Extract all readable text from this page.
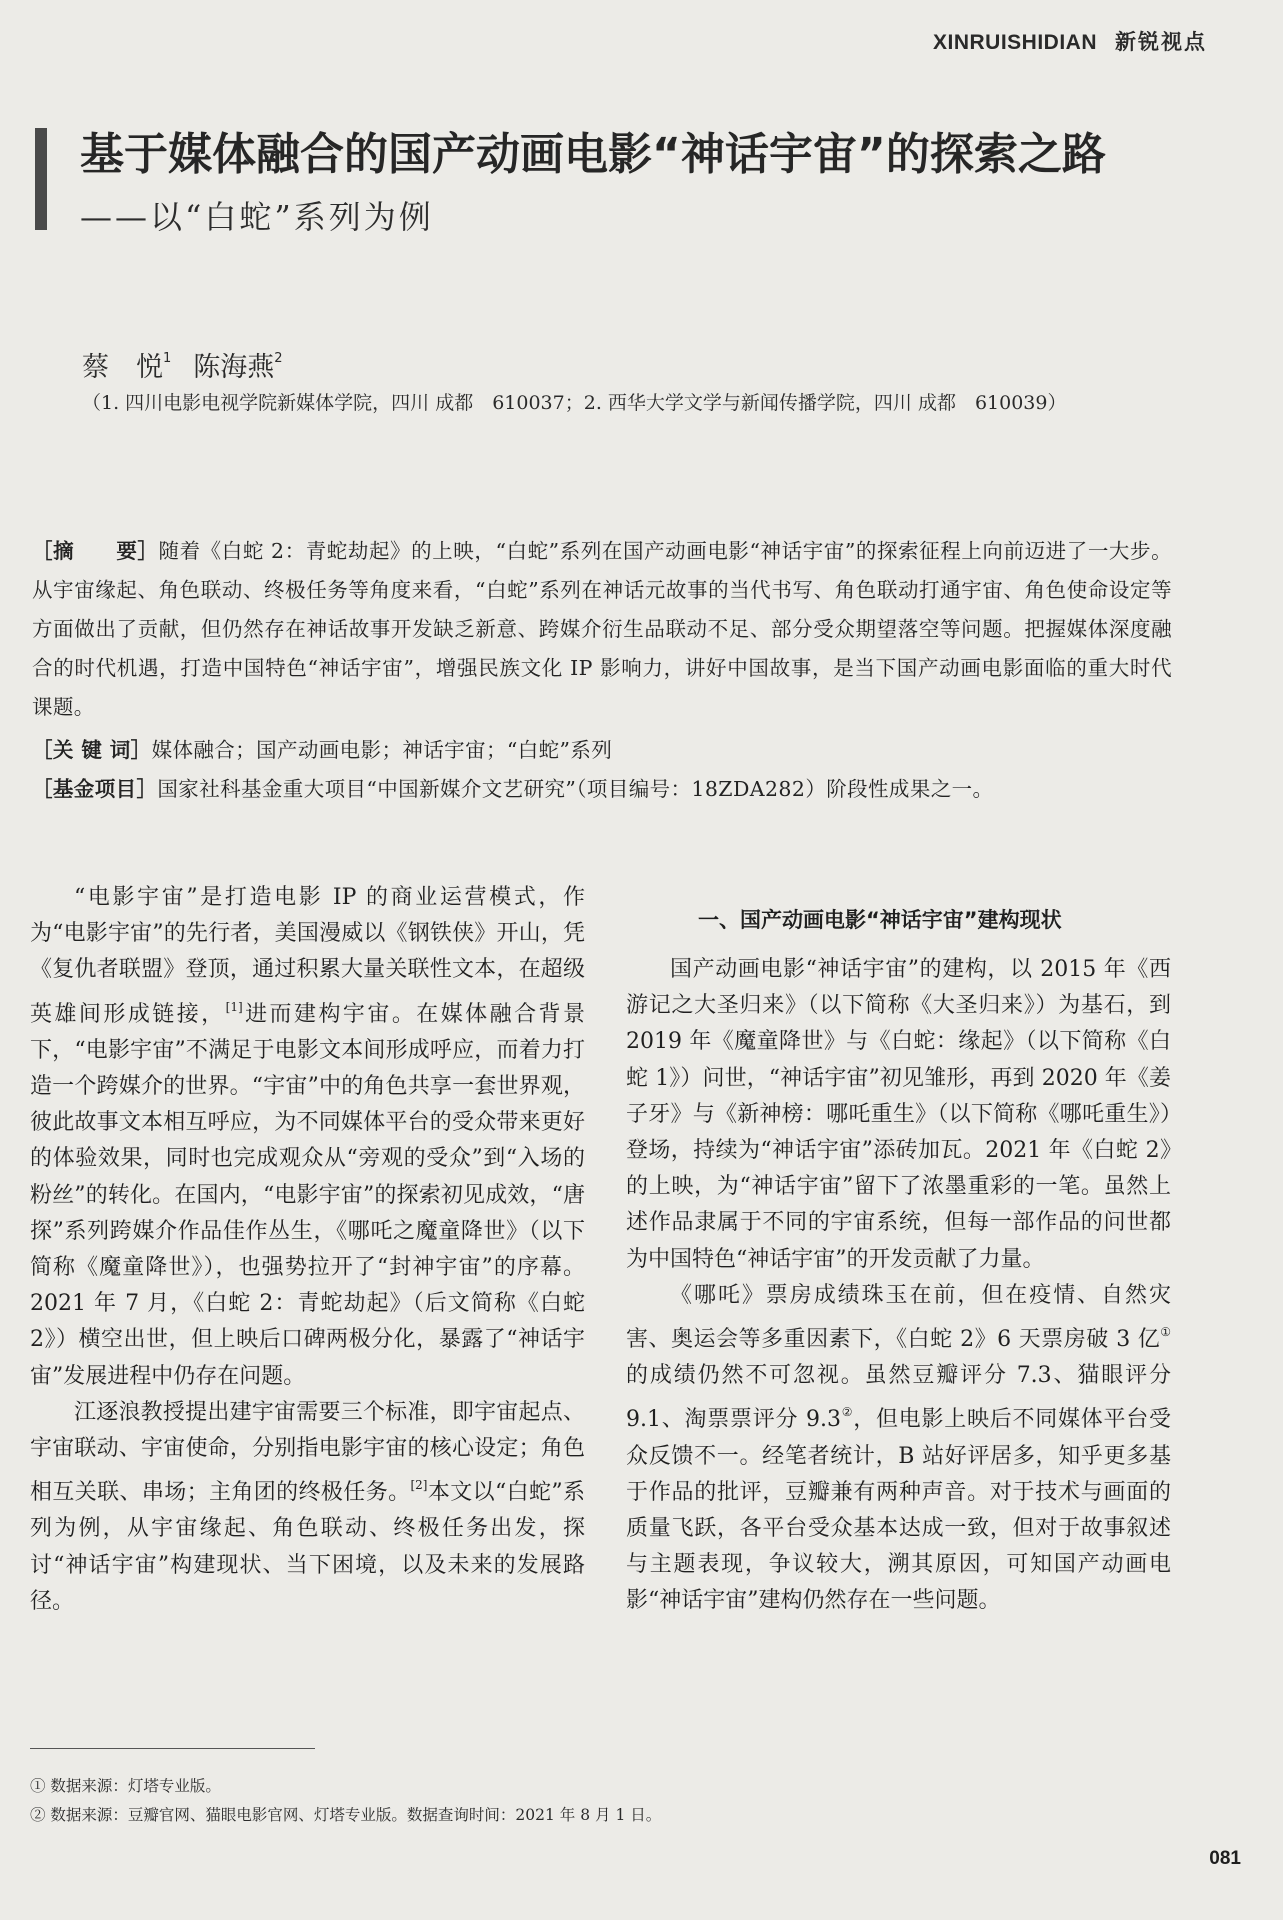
XINRUISHIDIAN 新锐视点
基于媒体融合的国产动画电影“神话宇宙”的探索之路
——以“白蛇”系列为例
蔡　悦$^1$ 陈海燕$^2$
（1. 四川电影电视学院新媒体学院，四川 成都　610037；2. 西华大学文学与新闻传播学院，四川 成都　610039）

［摘　　要］随着《白蛇 2：青蛇劫起》的上映，“白蛇”系列在国产动画电影“神话宇宙”的探索征程上向前迈进了一大步。从宇宙缘起、角色联动、终极任务等角度来看，“白蛇”系列在神话元故事的当代书写、角色联动打通宇宙、角色使命设定等方面做出了贡献，但仍然存在神话故事开发缺乏新意、跨媒介衍生品联动不足、部分受众期望落空等问题。把握媒体深度融合的时代机遇，打造中国特色“神话宇宙”，增强民族文化 IP 影响力，讲好中国故事，是当下国产动画电影面临的重大时代课题。

［关 键 词］媒体融合；国产动画电影；神话宇宙；“白蛇”系列

［基金项目］国家社科基金重大项目“中国新媒介文艺研究”（项目编号：18ZDA282）阶段性成果之一。

“电影宇宙”是打造电影 IP 的商业运营模式，作为“电影宇宙”的先行者，美国漫威以《钢铁侠》开山，凭《复仇者联盟》登顶，通过积累大量关联性文本，在超级英雄间形成链接，[1]进而建构宇宙。在媒体融合背景下，“电影宇宙”不满足于电影文本间形成呼应，而着力打造一个跨媒介的世界。“宇宙”中的角色共享一套世界观，彼此故事文本相互呼应，为不同媒体平台的受众带来更好的体验效果，同时也完成观众从“旁观的受众”到“入场的粉丝”的转化。在国内，“电影宇宙”的探索初见成效，“唐探”系列跨媒介作品佳作丛生，《哪吒之魔童降世》（以下简称《魔童降世》），也强势拉开了“封神宇宙”的序幕。2021 年 7 月，《白蛇 2：青蛇劫起》（后文简称《白蛇 2》）横空出世，但上映后口碑两极分化，暴露了“神话宇宙”发展进程中仍存在问题。

江逐浪教授提出建宇宙需要三个标准，即宇宙起点、宇宙联动、宇宙使命，分别指电影宇宙的核心设定；角色相互关联、串场；主角团的终极任务。[2]本文以“白蛇”系列为例，从宇宙缘起、角色联动、终极任务出发，探讨“神话宇宙”构建现状、当下困境，以及未来的发展路径。

一、国产动画电影“神话宇宙”建构现状

国产动画电影“神话宇宙”的建构，以 2015 年《西游记之大圣归来》（以下简称《大圣归来》）为基石，到 2019 年《魔童降世》与《白蛇：缘起》（以下简称《白蛇 1》）问世，“神话宇宙”初见雏形，再到 2020 年《姜子牙》与《新神榜：哪吒重生》（以下简称《哪吒重生》）登场，持续为“神话宇宙”添砖加瓦。2021 年《白蛇 2》的上映，为“神话宇宙”留下了浓墨重彩的一笔。虽然上述作品隶属于不同的宇宙系统，但每一部作品的问世都为中国特色“神话宇宙”的开发贡献了力量。

《哪吒》票房成绩珠玉在前，但在疫情、自然灾害、奥运会等多重因素下，《白蛇 2》6 天票房破 3 亿①的成绩仍然不可忽视。虽然豆瓣评分 7.3、猫眼评分 9.1、淘票票评分 9.3②，但电影上映后不同媒体平台受众反馈不一。经笔者统计，B 站好评居多，知乎更多基于作品的批评，豆瓣兼有两种声音。对于技术与画面的质量飞跃，各平台受众基本达成一致，但对于故事叙述与主题表现，争议较大，溯其原因，可知国产动画电影“神话宇宙”建构仍然存在一些问题。

① 数据来源：灯塔专业版。

② 数据来源：豆瓣官网、猫眼电影官网、灯塔专业版。数据查询时间：2021 年 8 月 1 日。

081
